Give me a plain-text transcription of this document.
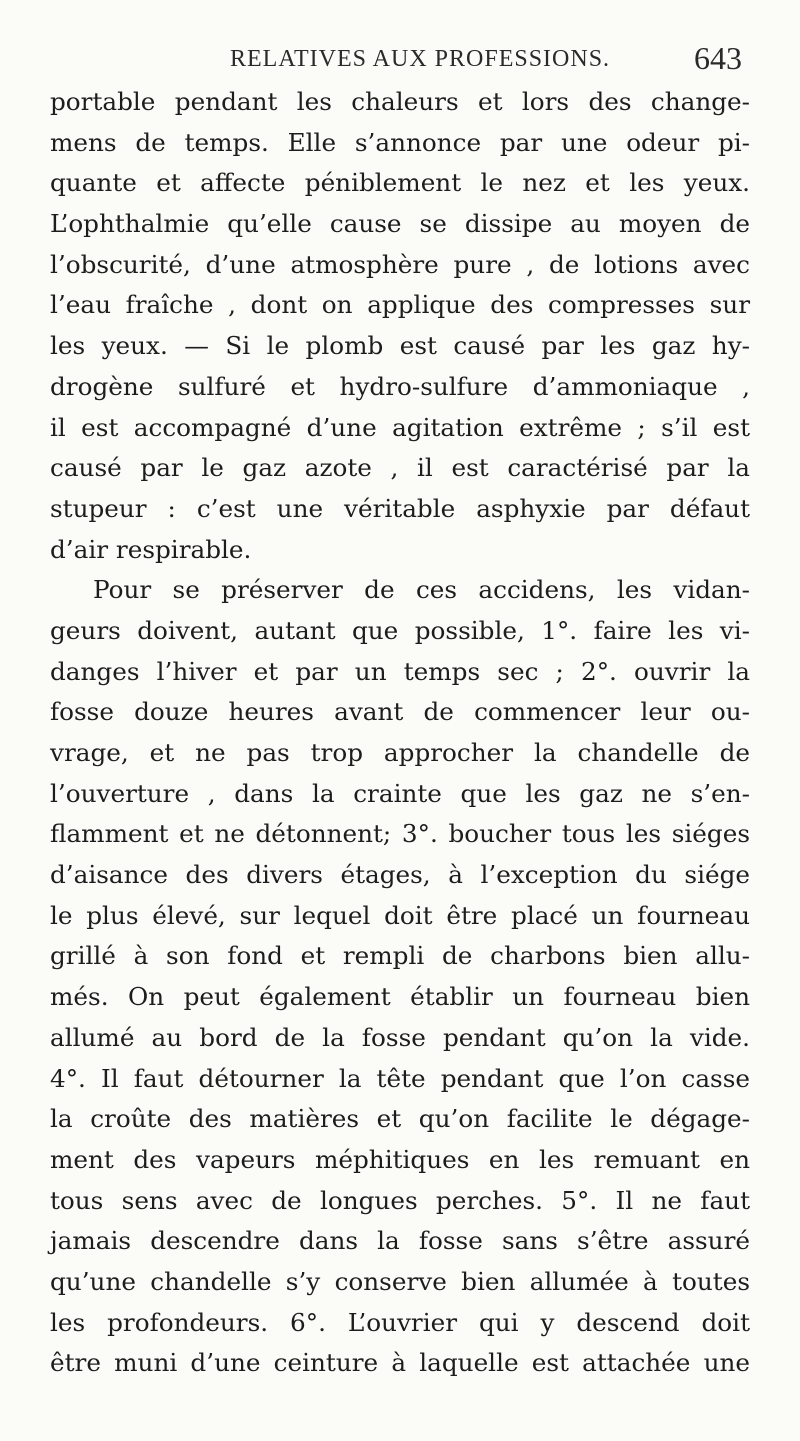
RELATIVES AUX PROFESSIONS.	643
portable pendant les chaleurs et lors des change-
mens de temps. Elle s’annonce par une odeur pi-
quante et affecte péniblement le nez et les yeux.
L’ophthalmie qu’elle cause se dissipe au moyen de
l’obscurité, d’une atmosphère pure , de lotions avec
l’eau fraîche , dont on applique des compresses sur
les yeux. — Si le plomb est causé par les gaz hy-
drogène sulfuré et hydro-sulfure d’ammoniaque ,
il est accompagné d’une agitation extrême ; s’il est
causé par le gaz azote , il est caractérisé par la
stupeur : c’est une véritable asphyxie par défaut
d’air respirable.
Pour se préserver de ces accidens, les vidan-
geurs doivent, autant que possible, 1°. faire les vi-
danges l’hiver et par un temps sec ; 2°. ouvrir la
fosse douze heures avant de commencer leur ou-
vrage, et ne pas trop approcher la chandelle de
l’ouverture , dans la crainte que les gaz ne s’en-
flamment et ne détonnent; 3°. boucher tous les siéges
d’aisance des divers étages, à l’exception du siége
le plus élevé, sur lequel doit être placé un fourneau
grillé à son fond et rempli de charbons bien allu-
més. On peut également établir un fourneau bien
allumé au bord de la fosse pendant qu’on la vide.
4°. Il faut détourner la tête pendant que l’on casse
la croûte des matières et qu’on facilite le dégage-
ment des vapeurs méphitiques en les remuant en
tous sens avec de longues perches. 5°. Il ne faut
jamais descendre dans la fosse sans s’être assuré
qu’une chandelle s’y conserve bien allumée à toutes
les profondeurs. 6°. L’ouvrier qui y descend doit
être muni d’une ceinture à laquelle est attachée une
